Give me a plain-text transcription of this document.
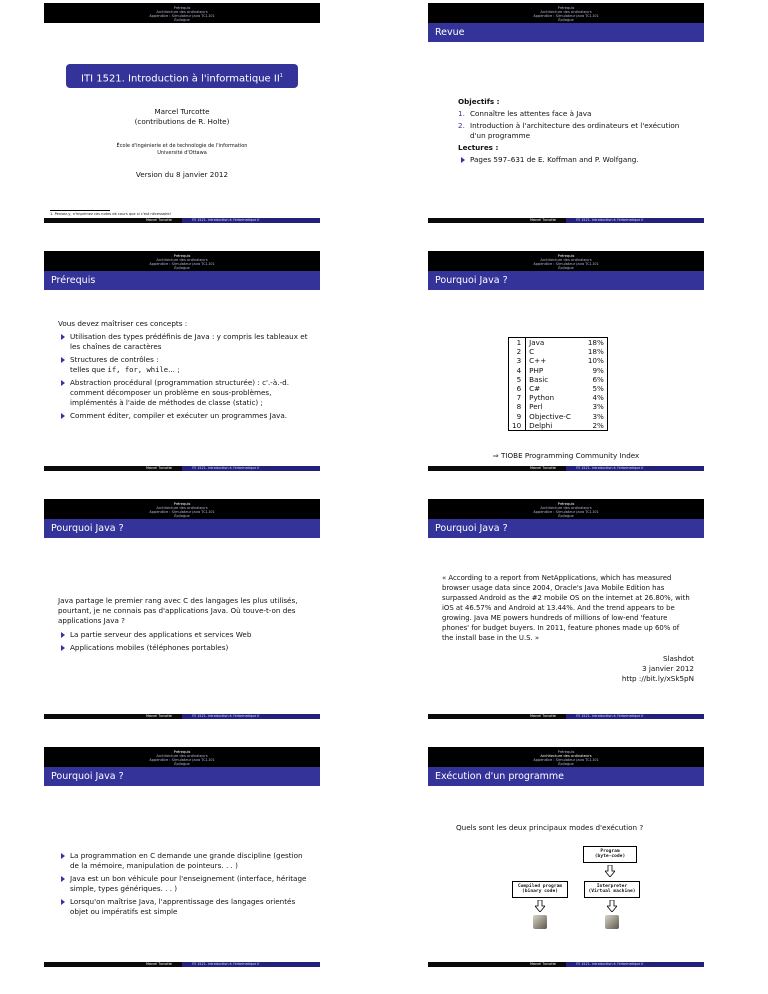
Prérequis
Architecture des ordinateurs
Appendice : Simulateur Java TC1101
Épilogue
ITI 1521. Introduction à l'informatique $II^1$
Marcel Turcotte
(contributions de R. Holte)
École d'ingénierie et de technologie de l'information
Université d'Ottawa
Version du 8 janvier 2012
1. Pensez-y, n'imprimez ces notes de cours que si c'est nécessaire!
Marcel Turcotte	ITI 1521. Introduction à l'informatique II
Prérequis
Architecture des ordinateurs
Appendice : Simulateur Java TC1101
Épilogue
Revue
Objectifs :
1. Connaître les attentes face à Java
2. Introduction à l'architecture des ordinateurs et l'exécution d'un programme
Lectures :
Pages 597–631 de E. Koffman and P. Wolfgang.
Marcel Turcotte	ITI 1521. Introduction à l'informatique II
Prérequis
Architecture des ordinateurs
Appendice : Simulateur Java TC1101
Épilogue
Prérequis
Vous devez maîtriser ces concepts :
Utilisation des types prédéfinis de Java : y compris les tableaux et les chaînes de caractères
Structures de contrôles :
telles que if, for, while... ;
Abstraction procédural (programmation structurée) : c'.-à.-d. comment décomposer un problème en sous-problèmes, implémentés à l'aide de méthodes de classe (static) ;
Comment éditer, compiler et exécuter un programmes Java.
Marcel Turcotte	ITI 1521. Introduction à l'informatique II
Prérequis
Architecture des ordinateurs
Appendice : Simulateur Java TC1101
Épilogue
Pourquoi Java ?
1	Java	18%
2	C	18%
3	C++	10%
4	PHP	9%
5	Basic	6%
6	C#	5%
7	Python	4%
8	Perl	3%
9	Objective-C	3%
10	Delphi	2%
⇒ TIOBE Programming Community Index
Marcel Turcotte	ITI 1521. Introduction à l'informatique II
Prérequis
Architecture des ordinateurs
Appendice : Simulateur Java TC1101
Épilogue
Pourquoi Java ?
Java partage le premier rang avec C des langages les plus utilisés, pourtant, je ne connais pas d'applications Java. Où touve-t-on des applications Java ?
La partie serveur des applications et services Web
Applications mobiles (téléphones portables)
Marcel Turcotte	ITI 1521. Introduction à l'informatique II
Prérequis
Architecture des ordinateurs
Appendice : Simulateur Java TC1101
Épilogue
Pourquoi Java ?
« According to a report from NetApplications, which has measured browser usage data since 2004, Oracle's Java Mobile Edition has surpassed Android as the #2 mobile OS on the internet at 26.80%, with iOS at 46.57% and Android at 13.44%. And the trend appears to be growing. Java ME powers hundreds of millions of low-end 'feature phones' for budget buyers. In 2011, feature phones made up 60% of the install base in the U.S. »
Slashdot
3 janvier 2012
http ://bit.ly/xSk5pN
Marcel Turcotte	ITI 1521. Introduction à l'informatique II
Prérequis
Architecture des ordinateurs
Appendice : Simulateur Java TC1101
Épilogue
Pourquoi Java ?
La programmation en C demande une grande discipline (gestion de la mémoire, manipulation de pointeurs. . . )
Java est un bon véhicule pour l'enseignement (interface, héritage simple, types génériques. . . )
Lorsqu'on maîtrise Java, l'apprentissage des langages orientés objet ou impératifs est simple
Marcel Turcotte	ITI 1521. Introduction à l'informatique II
Prérequis
Architecture des ordinateurs
Appendice : Simulateur Java TC1101
Épilogue
Exécution d'un programme
Quels sont les deux principaux modes d'exécution ?
Program
(byte-code)
Compiled program
(binary code)
Interpreter
(Virtual machine)
Marcel Turcotte	ITI 1521. Introduction à l'informatique II
